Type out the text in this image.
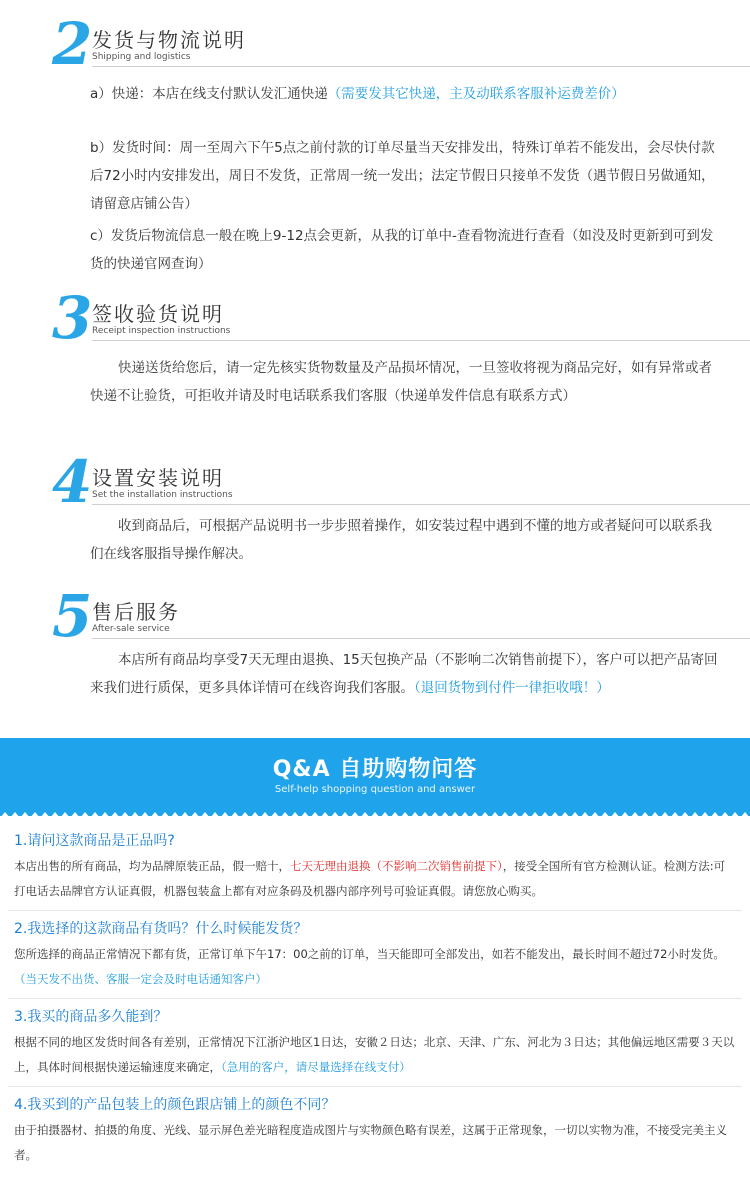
2 发货与物流说明
Shipping and logistics
a）快递：本店在线支付默认发汇通快递（需要发其它快递，主及动联系客服补运费差价）
b）发货时间：周一至周六下午5点之前付款的订单尽量当天安排发出，特殊订单若不能发出，会尽快付款后72小时内安排发出，周日不发货，正常周一统一发出；法定节假日只接单不发货（遇节假日另做通知，请留意店铺公告）
c）发货后物流信息一般在晚上9-12点会更新，从我的订单中-查看物流进行查看（如没及时更新到可到发货的快递官网查询）
3 签收验货说明
Receipt inspection instructions
快递送货给您后，请一定先核实货物数量及产品损坏情况，一旦签收将视为商品完好，如有异常或者快递不让验货，可拒收并请及时电话联系我们客服（快递单发件信息有联系方式）
4 设置安装说明
Set the installation instructions
收到商品后，可根据产品说明书一步步照着操作，如安装过程中遇到不懂的地方或者疑问可以联系我们在线客服指导操作解决。
5 售后服务
After-sale service
本店所有商品均享受7天无理由退换、15天包换产品（不影响二次销售前提下），客户可以把产品寄回来我们进行质保，更多具体详情可在线咨询我们客服。（退回货物到付件一律拒收哦！）
Q&A 自助购物问答
Self-help shopping question and answer
1.请问这款商品是正品吗?
本店出售的所有商品，均为品牌原装正品，假一赔十，七天无理由退换（不影响二次销售前提下），接受全国所有官方检测认证。检测方法:可打电话去品牌官方认证真假，机器包装盒上都有对应条码及机器内部序列号可验证真假。请您放心购买。
2.我选择的这款商品有货吗？什么时候能发货？
您所选择的商品正常情况下都有货，正常订单下午17：00之前的订单，当天能即可全部发出，如若不能发出，最长时间不超过72小时发货。（当天发不出货、客服一定会及时电话通知客户）
3.我买的商品多久能到？
根据不同的地区发货时间各有差别，正常情况下江浙沪地区1日达，安徽２日达；北京、天津、广东、河北为３日达；其他偏远地区需要３天以上，具体时间根据快递运输速度来确定，（急用的客户，请尽量选择在线支付）
4.我买到的产品包装上的颜色跟店铺上的颜色不同？
由于拍摄器材、拍摄的角度、光线、显示屏色差光暗程度造成图片与实物颜色略有误差，这属于正常现象，一切以实物为准，不接受完美主义者。
